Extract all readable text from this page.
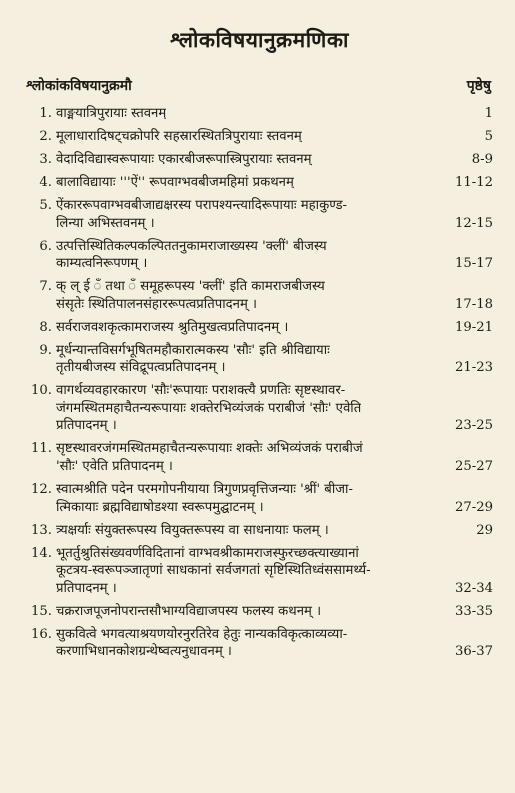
श्लोकविषयानुक्रमणिका
श्लोकांकविषयानुक्रमौ	पृष्ठेषु
1. वाङ्मयात्रिपुरायाः स्तवनम्	1
2. मूलाधारादिषट्चक्रोपरि सहस्रारस्थितत्रिपुरायाः स्तवनम्	5
3. वेदादिविद्यास्वरूपायाः एकारबीजरूपास्त्रिपुरायाः स्तवनम्	8-9
4. बालाविद्यायाः '''ऐं'' रूपवाग्भवबीजमहिमां प्रकथनम्	11-12
5. ऐंकाररूपवाग्भवबीजाद्यक्षरस्य परापश्यन्त्यादिरूपायाः महाकुण्ड-
लिन्या अभिस्तवनम् ।	12-15
6. उत्पत्तिस्थितिकल्पकल्पिततनुकामराजाख्यस्य 'क्लीं' बीजस्य
काम्यत्वनिरूपणम् ।	15-17
7. क् ल् ई ँ तथा ँ समूहरूपस्य 'क्लीं' इति कामराजबीजस्य
संसृतेः स्थितिपालनसंहाररूपत्वप्रतिपादनम् ।	17-18
8. सर्वराजवशकृत्कामराजस्य श्रुतिमुखत्वप्रतिपादनम् ।	19-21
9. मूर्धन्यान्तविसर्गभूषितमहौकारात्मकस्य 'सौः' इति श्रीविद्यायाः
तृतीयबीजस्य संविद्रूपत्वप्रतिपादनम् ।	21-23
10. वागर्थव्यवहारकारण 'सौः'रूपायाः पराशक्त्यै प्रणतिः सृष्टस्थावर-
जंगमस्थितमहाचैतन्यरूपायाः शक्तेरभिव्यंजकं पराबीजं 'सौः' एवेति
प्रतिपादनम् ।	23-25
11. सृष्टस्थावरजंगमस्थितमहाचैतन्यरूपायाः शक्तेः अभिव्यंजकं पराबीजं
'सौः' एवेति प्रतिपादनम् ।	25-27
12. स्वात्मश्रीति पदेन परमगोपनीयाया त्रिगुणप्रवृत्तिजन्याः 'श्रीं' बीजा-
त्मिकायाः ब्रह्मविद्याषोडश्या स्वरूपमुद्घाटनम् ।	27-29
13. त्र्यक्षर्याः संयुक्तरूपस्य वियुक्तरूपस्य वा साधनायाः फलम् ।	29
14. भूतर्तुश्रुतिसंख्यवर्णविदितानां वाग्भवश्रीकामराजस्फुरच्छक्त्याख्यानां
कूटत्रय-स्वरूपञ्जातृणां साधकानां सर्वजगतां सृष्टिस्थितिध्वंससामर्थ्य-
प्रतिपादनम् ।	32-34
15. चक्रराजपूजनोपरान्तसौभाग्यविद्याजपस्य फलस्य कथनम् ।	33-35
16. सुकवित्वे भगवत्याश्रयणयोरनुरतिरेव हेतुः नान्यकविकृत्काव्यव्या-
करणाभिधानकोशग्रन्थेष्वत्यनुधावनम् ।	36-37
